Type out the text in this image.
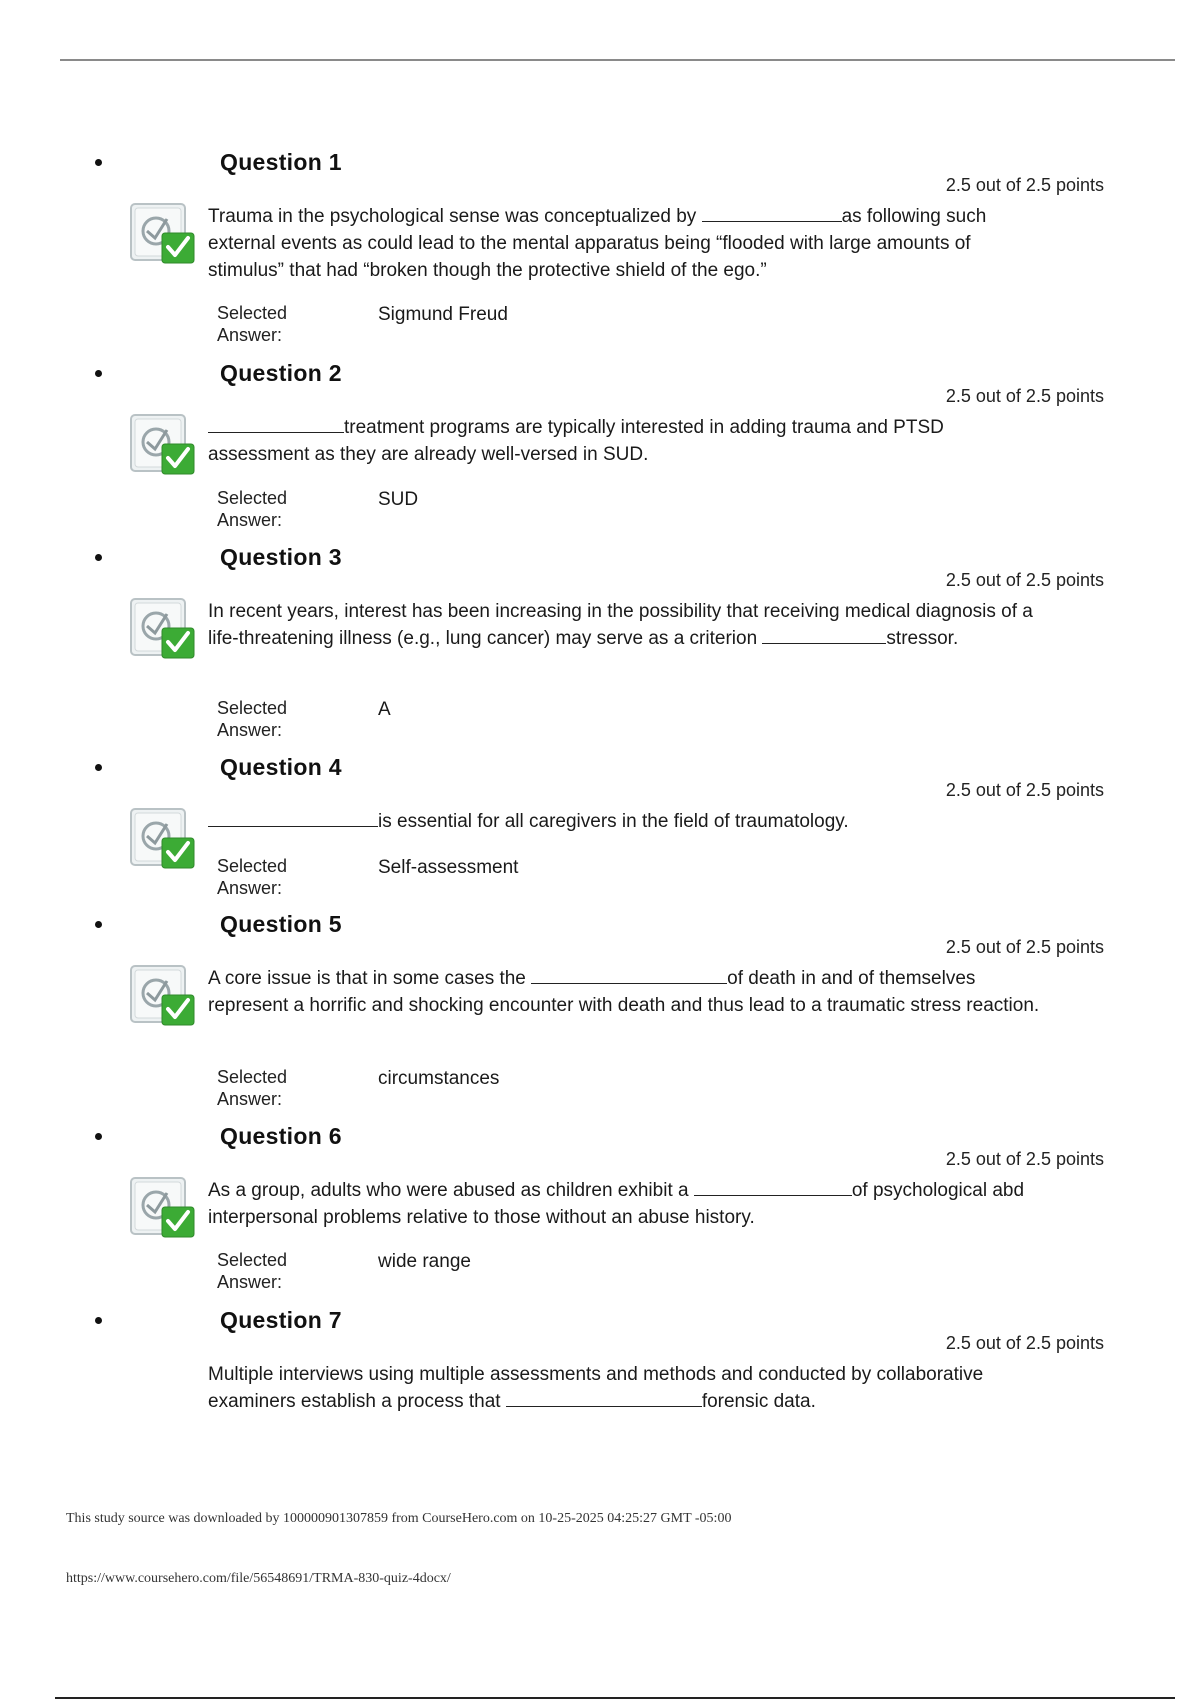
Question 1
2.5 out of 2.5 points
Trauma in the psychological sense was conceptualized by	as following such external events as could lead to the mental apparatus being “flooded with large amounts of stimulus” that had “broken though the protective shield of the ego.”
Selected Answer:
Sigmund Freud
Question 2
2.5 out of 2.5 points
treatment programs are typically interested in adding trauma and PTSD assessment as they are already well-versed in SUD.
Selected Answer:
SUD
Question 3
2.5 out of 2.5 points
In recent years, interest has been increasing in the possibility that receiving medical diagnosis of a life-threatening illness (e.g., lung cancer) may serve as a criterion	stressor.
Selected Answer:
A
Question 4
2.5 out of 2.5 points
is essential for all caregivers in the field of traumatology.
Selected Answer:
Self-assessment
Question 5
2.5 out of 2.5 points
A core issue is that in some cases the	of death in and of themselves represent a horrific and shocking encounter with death and thus lead to a traumatic stress reaction.
Selected Answer:
circumstances
Question 6
2.5 out of 2.5 points
As a group, adults who were abused as children exhibit a	of psychological abd interpersonal problems relative to those without an abuse history.
Selected Answer:
wide range
Question 7
2.5 out of 2.5 points
Multiple interviews using multiple assessments and methods and conducted by collaborative examiners establish a process that	forensic data.
This study source was downloaded by 100000901307859 from CourseHero.com on 10-25-2025 04:25:27 GMT -05:00
https://www.coursehero.com/file/56548691/TRMA-830-quiz-4docx/
